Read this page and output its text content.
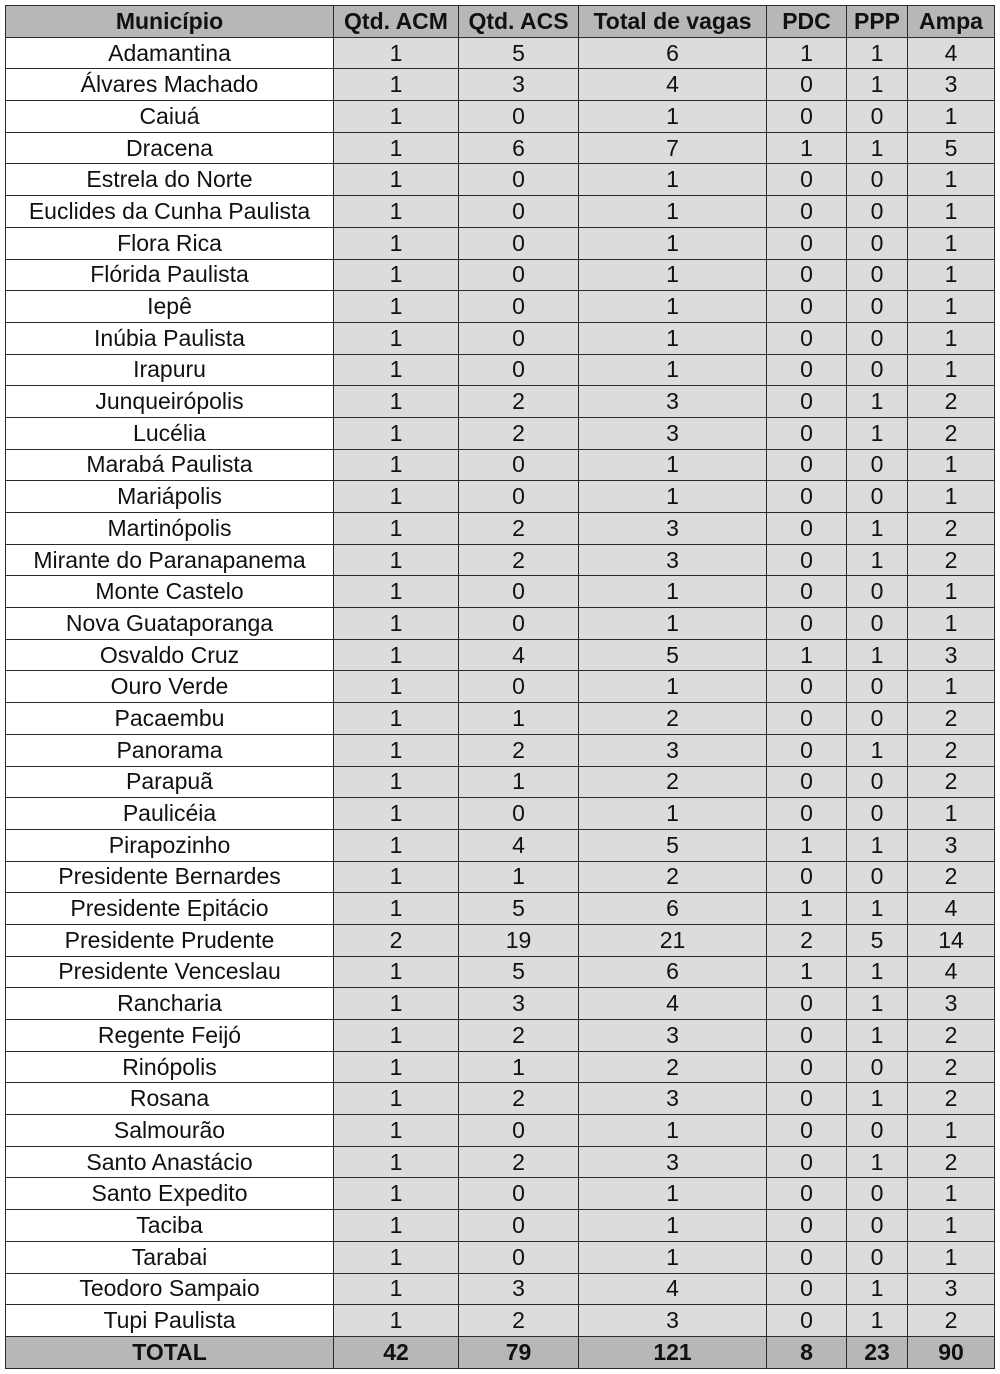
Município	Qtd. ACM	Qtd. ACS	Total de vagas	PDC	PPP	Ampa
Adamantina	1	5	6	1	1	4
Álvares Machado	1	3	4	0	1	3
Caiuá	1	0	1	0	0	1
Dracena	1	6	7	1	1	5
Estrela do Norte	1	0	1	0	0	1
Euclides da Cunha Paulista	1	0	1	0	0	1
Flora Rica	1	0	1	0	0	1
Flórida Paulista	1	0	1	0	0	1
Iepê	1	0	1	0	0	1
Inúbia Paulista	1	0	1	0	0	1
Irapuru	1	0	1	0	0	1
Junqueirópolis	1	2	3	0	1	2
Lucélia	1	2	3	0	1	2
Marabá Paulista	1	0	1	0	0	1
Mariápolis	1	0	1	0	0	1
Martinópolis	1	2	3	0	1	2
Mirante do Paranapanema	1	2	3	0	1	2
Monte Castelo	1	0	1	0	0	1
Nova Guataporanga	1	0	1	0	0	1
Osvaldo Cruz	1	4	5	1	1	3
Ouro Verde	1	0	1	0	0	1
Pacaembu	1	1	2	0	0	2
Panorama	1	2	3	0	1	2
Parapuã	1	1	2	0	0	2
Paulicéia	1	0	1	0	0	1
Pirapozinho	1	4	5	1	1	3
Presidente Bernardes	1	1	2	0	0	2
Presidente Epitácio	1	5	6	1	1	4
Presidente Prudente	2	19	21	2	5	14
Presidente Venceslau	1	5	6	1	1	4
Rancharia	1	3	4	0	1	3
Regente Feijó	1	2	3	0	1	2
Rinópolis	1	1	2	0	0	2
Rosana	1	2	3	0	1	2
Salmourão	1	0	1	0	0	1
Santo Anastácio	1	2	3	0	1	2
Santo Expedito	1	0	1	0	0	1
Taciba	1	0	1	0	0	1
Tarabai	1	0	1	0	0	1
Teodoro Sampaio	1	3	4	0	1	3
Tupi Paulista	1	2	3	0	1	2
TOTAL	42	79	121	8	23	90
